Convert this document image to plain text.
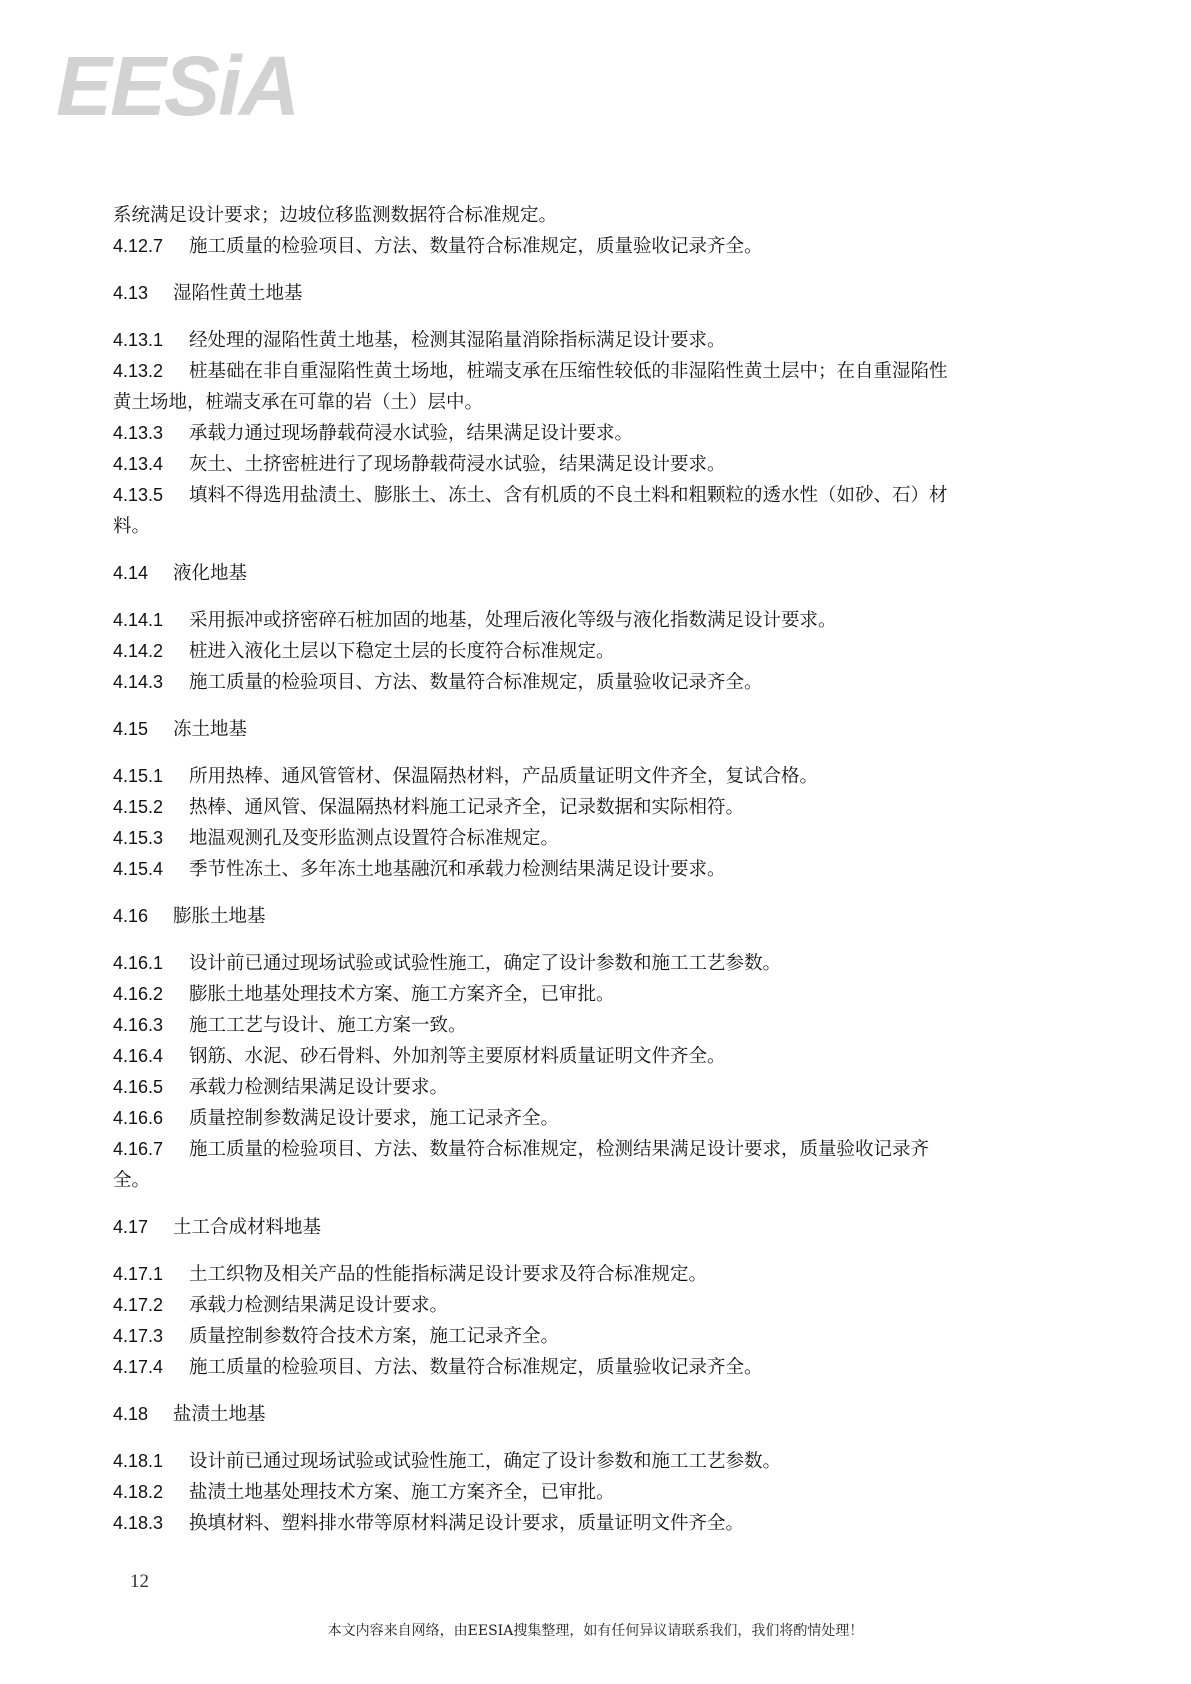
EESiA
系统满足设计要求；边坡位移监测数据符合标准规定。
4.12.7 施工质量的检验项目、方法、数量符合标准规定，质量验收记录齐全。
4.13 湿陷性黄土地基
4.13.1 经处理的湿陷性黄土地基，检测其湿陷量消除指标满足设计要求。
4.13.2 桩基础在非自重湿陷性黄土场地，桩端支承在压缩性较低的非湿陷性黄土层中；在自重湿陷性
黄土场地，桩端支承在可靠的岩（土）层中。
4.13.3 承载力通过现场静载荷浸水试验，结果满足设计要求。
4.13.4 灰土、土挤密桩进行了现场静载荷浸水试验，结果满足设计要求。
4.13.5 填料不得选用盐渍土、膨胀土、冻土、含有机质的不良土料和粗颗粒的透水性（如砂、石）材
料。
4.14 液化地基
4.14.1 采用振冲或挤密碎石桩加固的地基，处理后液化等级与液化指数满足设计要求。
4.14.2 桩进入液化土层以下稳定土层的长度符合标准规定。
4.14.3 施工质量的检验项目、方法、数量符合标准规定，质量验收记录齐全。
4.15 冻土地基
4.15.1 所用热棒、通风管管材、保温隔热材料，产品质量证明文件齐全，复试合格。
4.15.2 热棒、通风管、保温隔热材料施工记录齐全，记录数据和实际相符。
4.15.3 地温观测孔及变形监测点设置符合标准规定。
4.15.4 季节性冻土、多年冻土地基融沉和承载力检测结果满足设计要求。
4.16 膨胀土地基
4.16.1 设计前已通过现场试验或试验性施工，确定了设计参数和施工工艺参数。
4.16.2 膨胀土地基处理技术方案、施工方案齐全，已审批。
4.16.3 施工工艺与设计、施工方案一致。
4.16.4 钢筋、水泥、砂石骨料、外加剂等主要原材料质量证明文件齐全。
4.16.5 承载力检测结果满足设计要求。
4.16.6 质量控制参数满足设计要求，施工记录齐全。
4.16.7 施工质量的检验项目、方法、数量符合标准规定，检测结果满足设计要求，质量验收记录齐
全。
4.17 土工合成材料地基
4.17.1 土工织物及相关产品的性能指标满足设计要求及符合标准规定。
4.17.2 承载力检测结果满足设计要求。
4.17.3 质量控制参数符合技术方案，施工记录齐全。
4.17.4 施工质量的检验项目、方法、数量符合标准规定，质量验收记录齐全。
4.18 盐渍土地基
4.18.1 设计前已通过现场试验或试验性施工，确定了设计参数和施工工艺参数。
4.18.2 盐渍土地基处理技术方案、施工方案齐全，已审批。
4.18.3 换填材料、塑料排水带等原材料满足设计要求，质量证明文件齐全。
12
本文内容来自网络，由EESIA搜集整理，如有任何异议请联系我们，我们将酌情处理！
